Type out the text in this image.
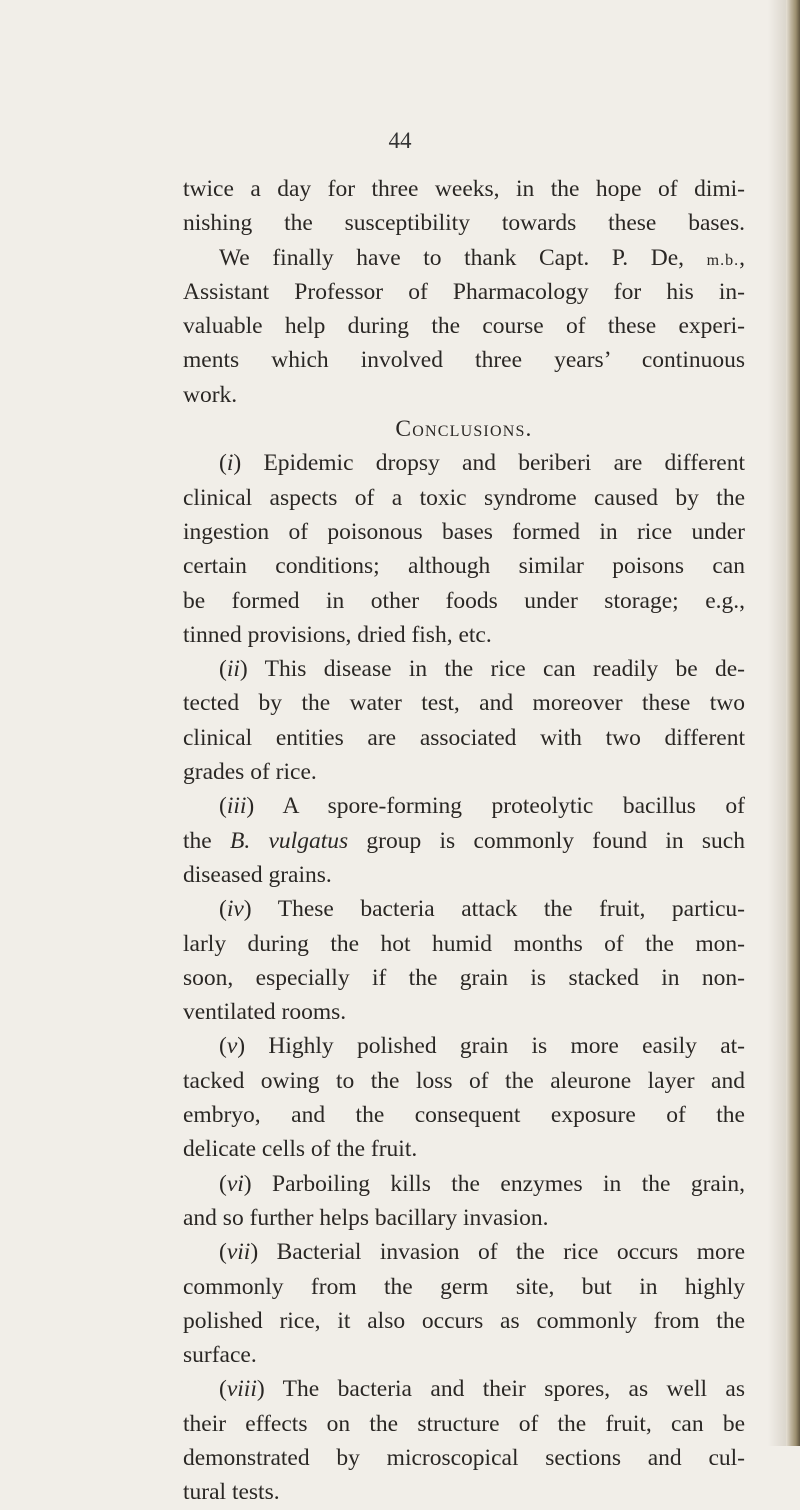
44
twice a day for three weeks, in the hope of dimi-
nishing the susceptibility towards these bases.
We finally have to thank Capt. P. De, m.b.,
Assistant Professor of Pharmacology for his in-
valuable help during the course of these experi-
ments which involved three years’ continuous
work.
Conclusions.
(i) Epidemic dropsy and beriberi are different
clinical aspects of a toxic syndrome caused by the
ingestion of poisonous bases formed in rice under
certain conditions; although similar poisons can
be formed in other foods under storage; e.g.,
tinned provisions, dried fish, etc.
(ii) This disease in the rice can readily be de-
tected by the water test, and moreover these two
clinical entities are associated with two different
grades of rice.
(iii) A spore-forming proteolytic bacillus of
the B. vulgatus group is commonly found in such
diseased grains.
(iv) These bacteria attack the fruit, particu-
larly during the hot humid months of the mon-
soon, especially if the grain is stacked in non-
ventilated rooms.
(v) Highly polished grain is more easily at-
tacked owing to the loss of the aleurone layer and
embryo, and the consequent exposure of the
delicate cells of the fruit.
(vi) Parboiling kills the enzymes in the grain,
and so further helps bacillary invasion.
(vii) Bacterial invasion of the rice occurs more
commonly from the germ site, but in highly
polished rice, it also occurs as commonly from the
surface.
(viii) The bacteria and their spores, as well as
their effects on the structure of the fruit, can be
demonstrated by microscopical sections and cul-
tural tests.
